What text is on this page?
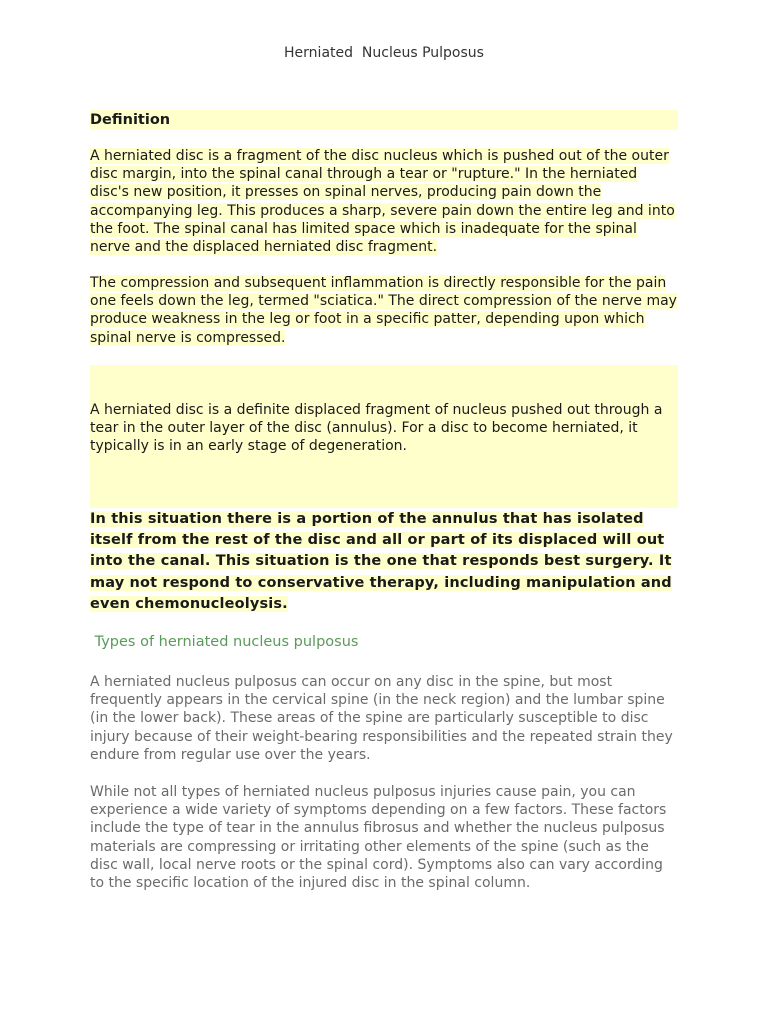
Herniated  Nucleus Pulposus
Definition

A herniated disc is a fragment of the disc nucleus which is pushed out of the outer disc margin, into the spinal canal through a tear or "rupture." In the herniated disc's new position, it presses on spinal nerves, producing pain down the accompanying leg. This produces a sharp, severe pain down the entire leg and into the foot. The spinal canal has limited space which is inadequate for the spinal nerve and the displaced herniated disc fragment.

The compression and subsequent inflammation is directly responsible for the pain one feels down the leg, termed "sciatica." The direct compression of the nerve may produce weakness in the leg or foot in a specific patter, depending upon which spinal nerve is compressed.

A herniated disc is a definite displaced fragment of nucleus pushed out through a tear in the outer layer of the disc (annulus). For a disc to become herniated, it typically is in an early stage of degeneration.

In this situation there is a portion of the annulus that has isolated itself from the rest of the disc and all or part of its displaced will out into the canal. This situation is the one that responds best surgery. It may not respond to conservative therapy, including manipulation and even chemonucleolysis.

Types of herniated nucleus pulposus

A herniated nucleus pulposus can occur on any disc in the spine, but most frequently appears in the cervical spine (in the neck region) and the lumbar spine (in the lower back). These areas of the spine are particularly susceptible to disc injury because of their weight-bearing responsibilities and the repeated strain they endure from regular use over the years.

While not all types of herniated nucleus pulposus injuries cause pain, you can experience a wide variety of symptoms depending on a few factors. These factors include the type of tear in the annulus fibrosus and whether the nucleus pulposus materials are compressing or irritating other elements of the spine (such as the disc wall, local nerve roots or the spinal cord). Symptoms also can vary according to the specific location of the injured disc in the spinal column.
